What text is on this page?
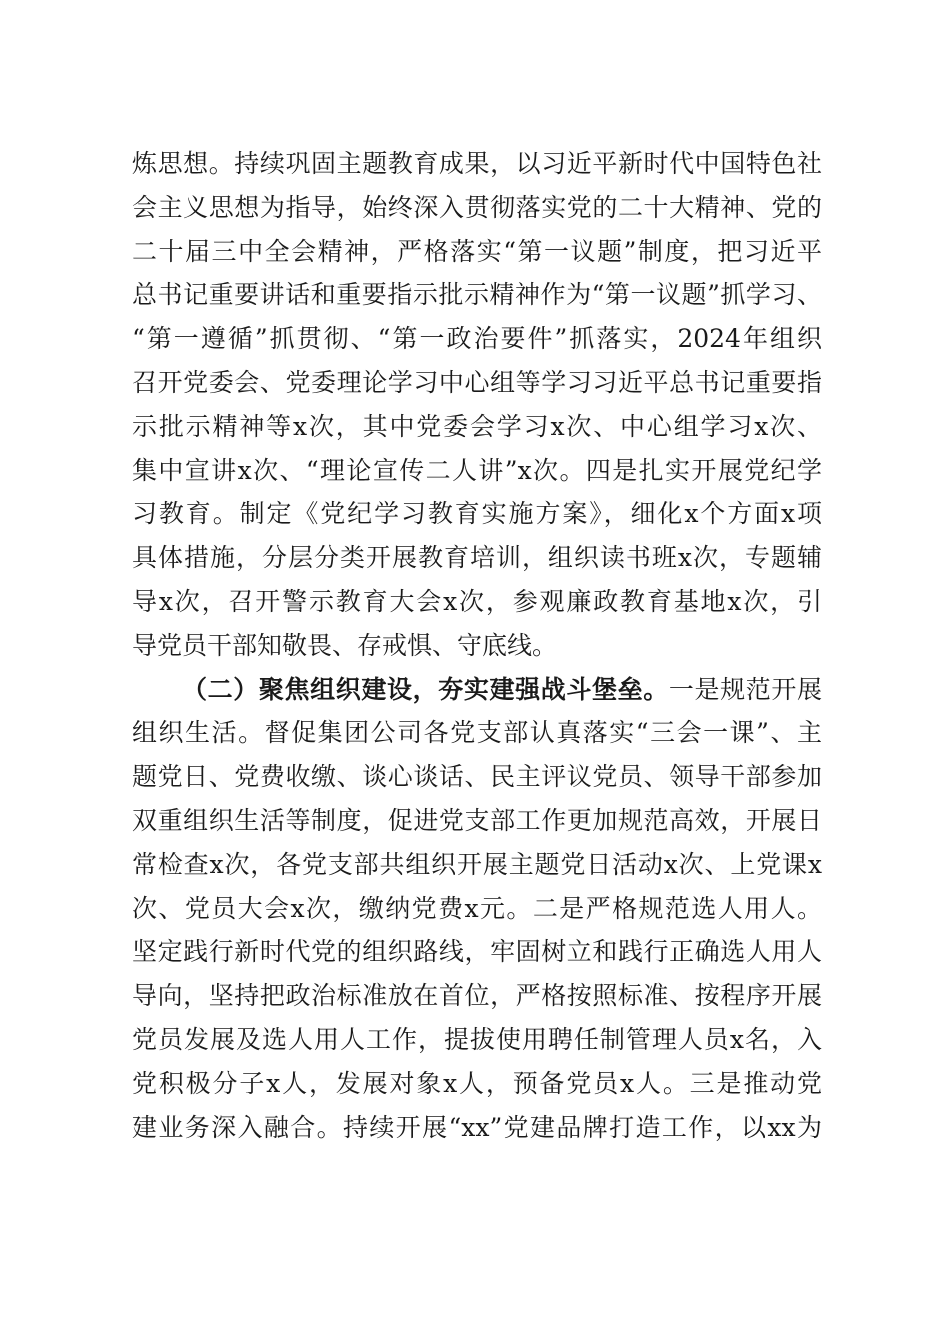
炼思想。持续巩固主题教育成果，以习近平新时代中国特色社
会主义思想为指导，始终深入贯彻落实党的二十大精神、党的
二十届三中全会精神，严格落实“第一议题”制度，把习近平
总书记重要讲话和重要指示批示精神作为“第一议题”抓学习、
“第一遵循”抓贯彻、“第一政治要件”抓落实，2024年组织
召开党委会、党委理论学习中心组等学习习近平总书记重要指
示批示精神等x次，其中党委会学习x次、中心组学习x次、
集中宣讲x次、“理论宣传二人讲”x次。四是扎实开展党纪学
习教育。制定《党纪学习教育实施方案》，细化x个方面x项
具体措施，分层分类开展教育培训，组织读书班x次，专题辅
导x次，召开警示教育大会x次，参观廉政教育基地x次，引
导党员干部知敬畏、存戒惧、守底线。
（二）聚焦组织建设，夯实建强战斗堡垒。一是规范开展
组织生活。督促集团公司各党支部认真落实“三会一课”、主
题党日、党费收缴、谈心谈话、民主评议党员、领导干部参加
双重组织生活等制度，促进党支部工作更加规范高效，开展日
常检查x次，各党支部共组织开展主题党日活动x次、上党课x
次、党员大会x次，缴纳党费x元。二是严格规范选人用人。
坚定践行新时代党的组织路线，牢固树立和践行正确选人用人
导向，坚持把政治标准放在首位，严格按照标准、按程序开展
党员发展及选人用人工作，提拔使用聘任制管理人员x名，入
党积极分子x人，发展对象x人，预备党员x人。三是推动党
建业务深入融合。持续开展“xx”党建品牌打造工作，以xx为
